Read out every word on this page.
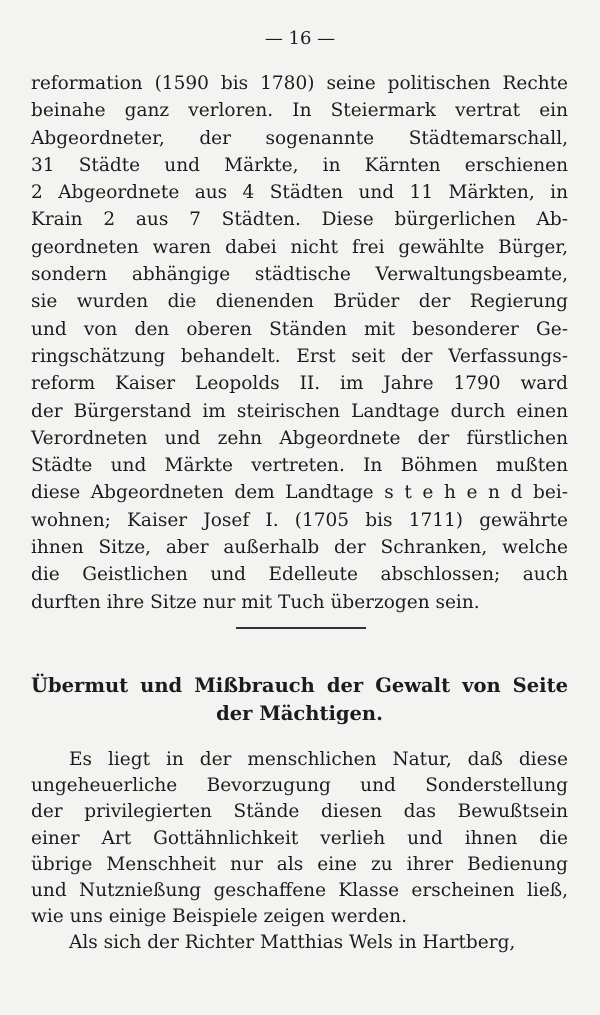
— 16 —
reformation (1590 bis 1780) seine politischen Rechte
beinahe ganz verloren. In Steiermark vertrat ein
Abgeordneter, der sogenannte Städtemarschall,
31 Städte und Märkte, in Kärnten erschienen
2 Abgeordnete aus 4 Städten und 11 Märkten, in
Krain 2 aus 7 Städten. Diese bürgerlichen Ab-
geordneten waren dabei nicht frei gewählte Bürger,
sondern abhängige städtische Verwaltungsbeamte,
sie wurden die dienenden Brüder der Regierung
und von den oberen Ständen mit besonderer Ge-
ringschätzung behandelt. Erst seit der Verfassungs-
reform Kaiser Leopolds II. im Jahre 1790 ward
der Bürgerstand im steirischen Landtage durch einen
Verordneten und zehn Abgeordnete der fürstlichen
Städte und Märkte vertreten. In Böhmen mußten
diese Abgeordneten dem Landtage s t e h e n d bei-
wohnen; Kaiser Josef I. (1705 bis 1711) gewährte
ihnen Sitze, aber außerhalb der Schranken, welche
die Geistlichen und Edelleute abschlossen; auch
durften ihre Sitze nur mit Tuch überzogen sein.
Übermut und Mißbrauch der Gewalt von Seite
der Mächtigen.
Es liegt in der menschlichen Natur, daß diese
ungeheuerliche Bevorzugung und Sonderstellung
der privilegierten Stände diesen das Bewußtsein
einer Art Gottähnlichkeit verlieh und ihnen die
übrige Menschheit nur als eine zu ihrer Bedienung
und Nutznießung geschaffene Klasse erscheinen ließ,
wie uns einige Beispiele zeigen werden.
Als sich der Richter Matthias Wels in Hartberg,
